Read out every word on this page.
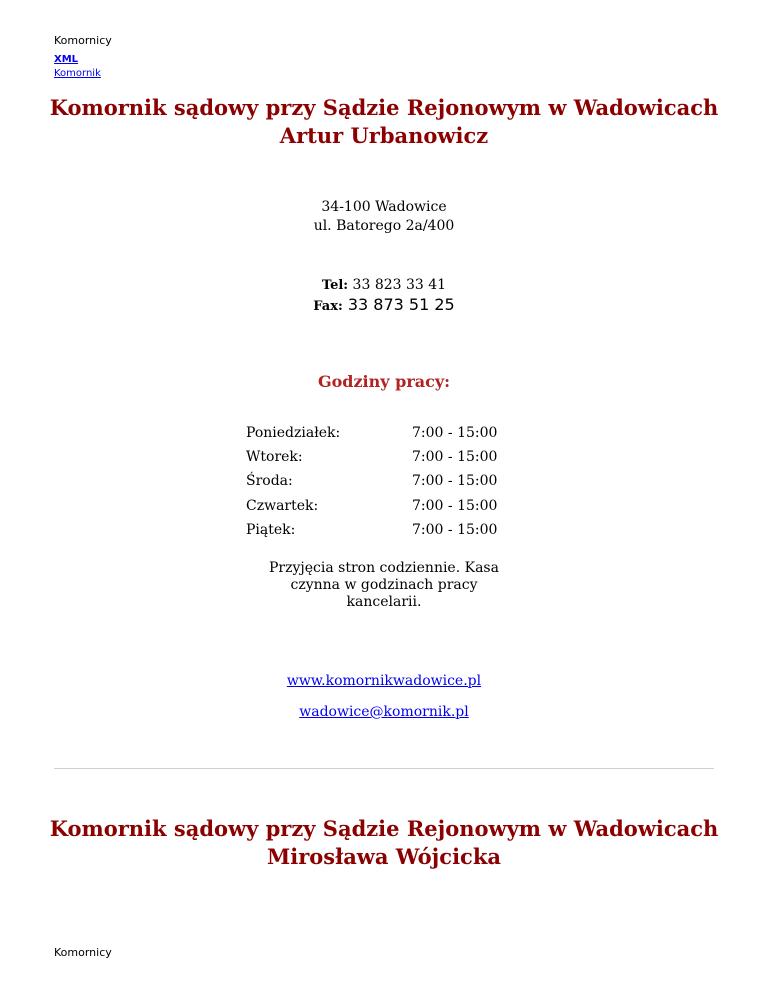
Komornicy
XML
Komornik
Komornik sądowy przy Sądzie Rejonowym w Wadowicach
Artur Urbanowicz
34-100 Wadowice
ul. Batorego 2a/400
Tel: 33 823 33 41
Fax: 33 873 51 25
Godziny pracy:
Poniedziałek:	7:00 - 15:00
Wtorek:	7:00 - 15:00
Środa:	7:00 - 15:00
Czwartek:	7:00 - 15:00
Piątek:	7:00 - 15:00
Przyjęcia stron codziennie. Kasa czynna w godzinach pracy kancelarii.
www.komornikwadowice.pl
wadowice@komornik.pl
Komornik sądowy przy Sądzie Rejonowym w Wadowicach
Mirosława Wójcicka
Komornicy
